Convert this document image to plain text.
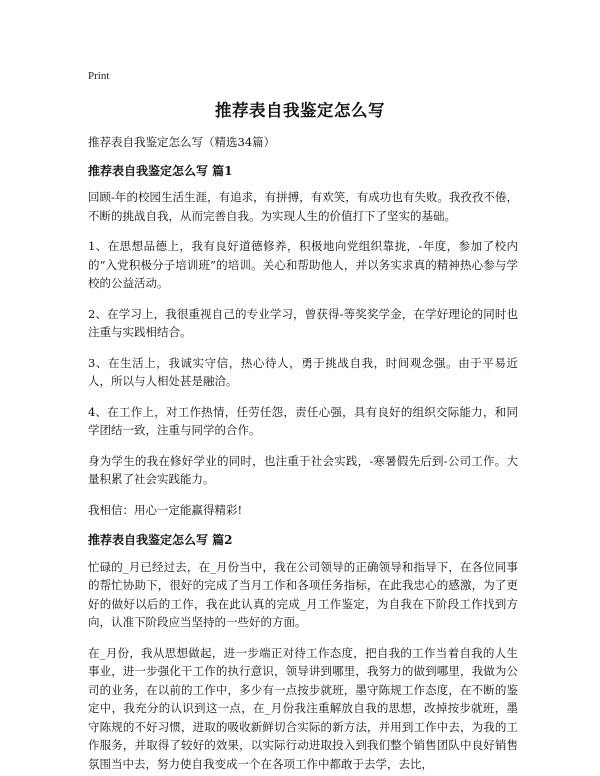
Print
推荐表自我鉴定怎么写

推荐表自我鉴定怎么写（精选34篇）

推荐表自我鉴定怎么写 篇1

回顾-年的校园生活生涯，有追求，有拼搏，有欢笑，有成功也有失败。我孜孜不倦，不断的挑战自我，从而完善自我。为实现人生的价值打下了坚实的基础。

1、在思想品德上，我有良好道德修养，积极地向党组织靠拢，-年度，参加了校内的“入党积极分子培训班”的培训。关心和帮助他人，并以务实求真的精神热心参与学校的公益活动。

2、在学习上，我很重视自己的专业学习，曾获得-等奖奖学金，在学好理论的同时也注重与实践相结合。

3、在生活上，我诚实守信，热心待人，勇于挑战自我，时间观念强。由于平易近人，所以与人相处甚是融洽。

4、在工作上，对工作热情，任劳任怨，责任心强，具有良好的组织交际能力，和同学团结一致，注重与同学的合作。

身为学生的我在修好学业的同时，也注重于社会实践，-寒暑假先后到-公司工作。大量积累了社会实践能力。

我相信：用心一定能赢得精彩!

推荐表自我鉴定怎么写 篇2

忙碌的_月已经过去，在_月份当中，我在公司领导的正确领导和指导下，在各位同事的帮忙协助下，很好的完成了当月工作和各项任务指标，在此我忠心的感激，为了更好的做好以后的工作，我在此认真的完成_月工作鉴定，为自我在下阶段工作找到方向，认准下阶段应当坚持的一些好的方面。

在_月份，我从思想做起，进一步端正对待工作态度，把自我的工作当着自我的人生事业，进一步强化干工作的执行意识，领导讲到哪里，我努力的做到哪里，我做为公司的业务，在以前的工作中，多少有一点按步就班，墨守陈规工作态度，在不断的鉴定中，我充分的认识到这一点，在_月份我注重解放自我的思想，改掉按步就班，墨守陈规的不好习惯，进取的吸收新鲜切合实际的新方法，并用到工作中去，为我的工作服务，并取得了较好的效果，以实际行动进取投入到我们整个销售团队中良好销售氛围当中去，努力使自我变成一个在各项工作中都敢于去学，去比，
